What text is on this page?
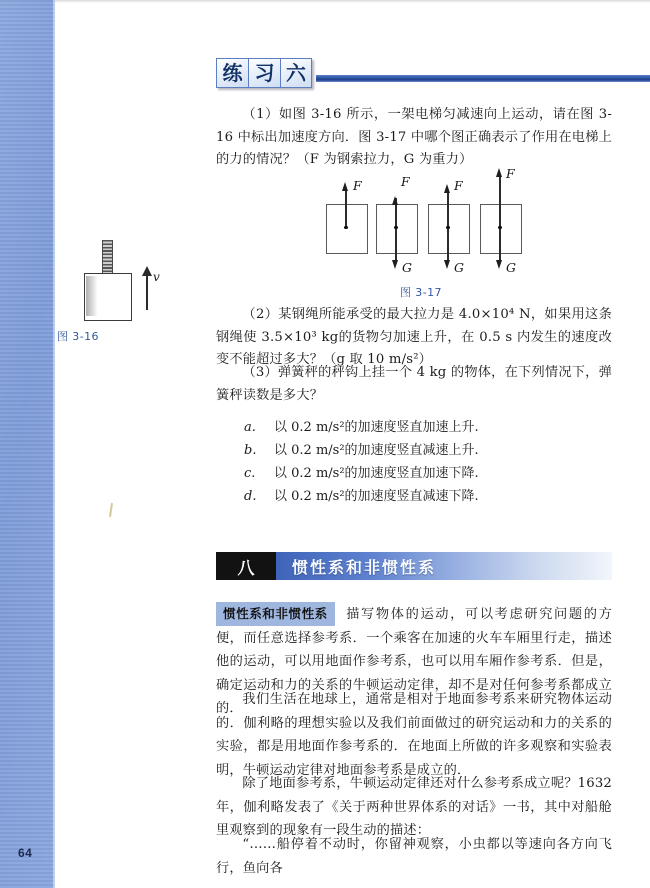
64
练 习 六
（1）如图 3-16 所示，一架电梯匀减速向上运动，请在图 3-16 中标出加速度方向．图 3-17 中哪个图正确表示了作用在电梯上的力的情况？（F 为钢索拉力，G 为重力）
v
图 3-16
F	F
G
F
G
F
G
图 3-17
（2）某钢绳所能承受的最大拉力是 4.0×10⁴ N，如果用这条钢绳使 3.5×10³ kg的货物匀加速上升，在 0.5 s 内发生的速度改变不能超过多大？（g 取 10 m/s²）
（3）弹簧秤的秤钩上挂一个 4 kg 的物体，在下列情况下，弹簧秤读数是多大？
a.	以 0.2 m/s²的加速度竖直加速上升.
b.	以 0.2 m/s²的加速度竖直减速上升.
c.	以 0.2 m/s²的加速度竖直加速下降.
d.	以 0.2 m/s²的加速度竖直减速下降.
八	惯性系和非惯性系
惯性系和非惯性系 描写物体的运动，可以考虑研究问题的方便，而任意选择参考系．一个乘客在加速的火车车厢里行走，描述他的运动，可以用地面作参考系，也可以用车厢作参考系．但是，确定运动和力的关系的牛顿运动定律，却不是对任何参考系都成立的．
我们生活在地球上，通常是相对于地面参考系来研究物体运动的．伽利略的理想实验以及我们前面做过的研究运动和力的关系的实验，都是用地面作参考系的．在地面上所做的许多观察和实验表明，牛顿运动定律对地面参考系是成立的．
除了地面参考系，牛顿运动定律还对什么参考系成立呢？1632 年，伽利略发表了《关于两种世界体系的对话》一书，其中对船舱里观察到的现象有一段生动的描述：
“……船停着不动时，你留神观察，小虫都以等速向各方向飞行，鱼向各
